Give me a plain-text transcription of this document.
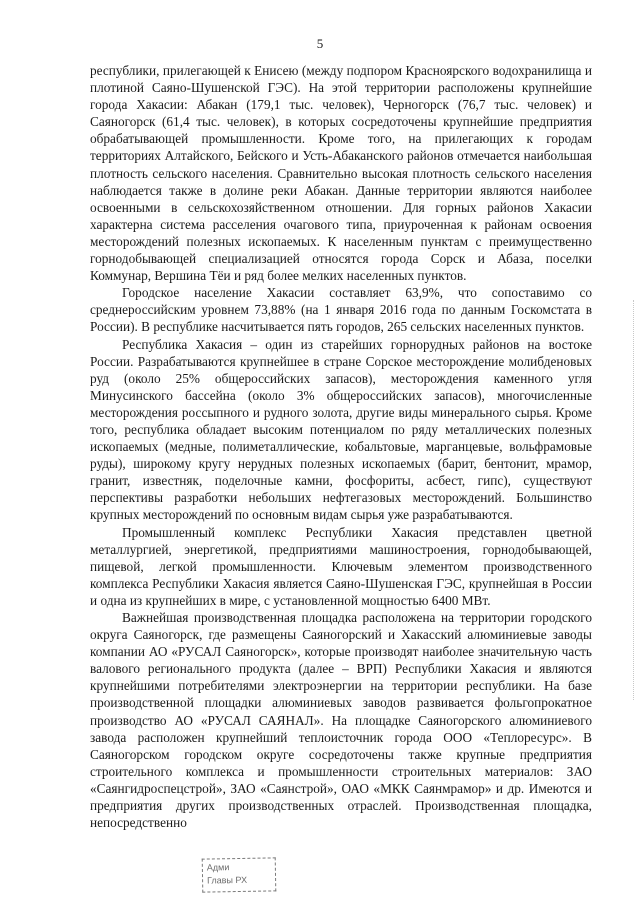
5

республики, прилегающей к Енисею (между подпором Красноярского водохранилища и плотиной Саяно-Шушенской ГЭС). На этой территории расположены крупнейшие города Хакасии: Абакан (179,1 тыс. человек), Черногорск (76,7 тыс. человек) и Саяногорск (61,4 тыс. человек), в которых сосредоточены крупнейшие предприятия обрабатывающей промышленности. Кроме того, на прилегающих к городам территориях Алтайского, Бейского и Усть-Абаканского районов отмечается наибольшая плотность сельского населения. Сравнительно высокая плотность сельского населения наблюдается также в долине реки Абакан. Данные территории являются наиболее освоенными в сельскохозяйственном отношении. Для горных районов Хакасии характерна система расселения очагового типа, приуроченная к районам освоения месторождений полезных ископаемых. К населенным пунктам с преимущественно горнодобывающей специализацией относятся города Сорск и Абаза, поселки Коммунар, Вершина Тёи и ряд более мелких населенных пунктов.

Городское население Хакасии составляет 63,9%, что сопоставимо со среднероссийским уровнем 73,88% (на 1 января 2016 года по данным Госкомстата в России). В республике насчитывается пять городов, 265 сельских населенных пунктов.

Республика Хакасия – один из старейших горнорудных районов на востоке России. Разрабатываются крупнейшее в стране Сорское месторождение молибденовых руд (около 25% общероссийских запасов), месторождения каменного угля Минусинского бассейна (около 3% общероссийских запасов), многочисленные месторождения россыпного и рудного золота, другие виды минерального сырья. Кроме того, республика обладает высоким потенциалом по ряду металлических полезных ископаемых (медные, полиметаллические, кобальтовые, марганцевые, вольфрамовые руды), широкому кругу нерудных полезных ископаемых (барит, бентонит, мрамор, гранит, известняк, поделочные камни, фосфориты, асбест, гипс), существуют перспективы разработки небольших нефтегазовых месторождений. Большинство крупных месторождений по основным видам сырья уже разрабатываются.

Промышленный комплекс Республики Хакасия представлен цветной металлургией, энергетикой, предприятиями машиностроения, горнодобывающей, пищевой, легкой промышленности. Ключевым элементом производственного комплекса Республики Хакасия является Саяно-Шушенская ГЭС, крупнейшая в России и одна из крупнейших в мире, с установленной мощностью 6400 МВт.

Важнейшая производственная площадка расположена на территории городского округа Саяногорск, где размещены Саяногорский и Хакасский алюминиевые заводы компании АО «РУСАЛ Саяногорск», которые производят наиболее значительную часть валового регионального продукта (далее – ВРП) Республики Хакасия и являются крупнейшими потребителями электроэнергии на территории республики. На базе производственной площадки алюминиевых заводов развивается фольгопрокатное производство АО «РУСАЛ САЯНАЛ». На площадке Саяногорского алюминиевого завода расположен крупнейший теплоисточник города ООО «Теплоресурс». В Саяногорском городском округе сосредоточены также крупные предприятия строительного комплекса и промышленности строительных материалов: ЗАО «Саянгидроспецстрой», ЗАО «Саянстрой», ОАО «МКК Саянмрамор» и др. Имеются и предприятия других производственных отраслей. Производственная площадка, непосредственно

Адми
Главы РХ
